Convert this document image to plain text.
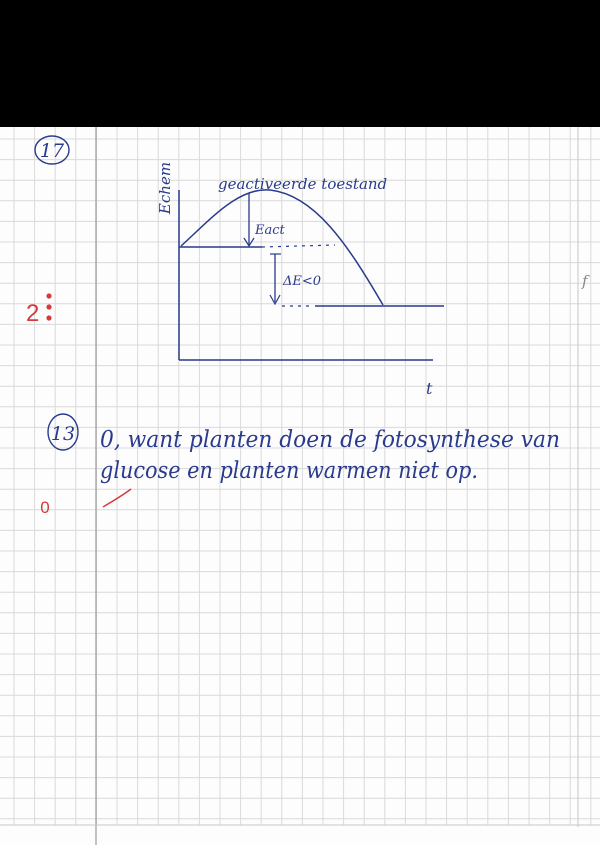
17
Echem
t
Eact
ΔE<0
geactiveerde toestand
2
f
13 0, want planten doen de fotosynthese van
glucose en planten warmen niet op.
0
